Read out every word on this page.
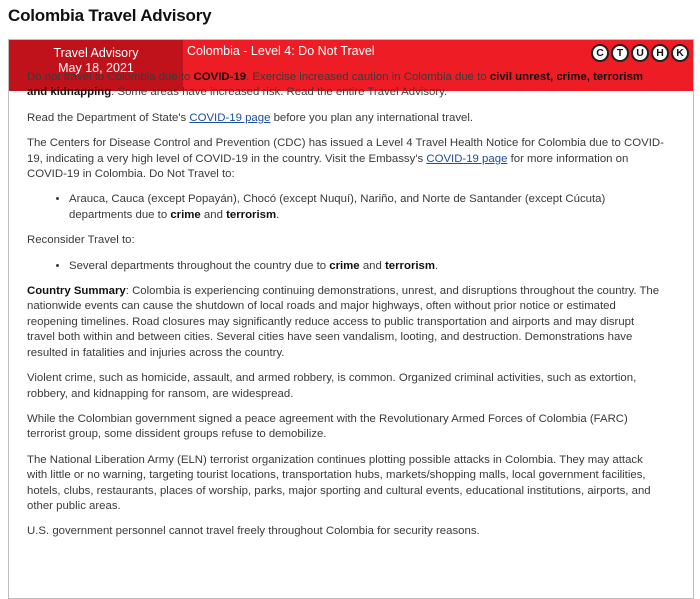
Colombia Travel Advisory
Travel Advisory
May 18, 2021
Colombia - Level 4: Do Not Travel	C	T	U	H	K

Do not travel to Colombia due to COVID-19. Exercise increased caution in Colombia due to civil unrest, crime, terrorism and kidnapping. Some areas have increased risk. Read the entire Travel Advisory.

Read the Department of State's COVID-19 page before you plan any international travel.

The Centers for Disease Control and Prevention (CDC) has issued a Level 4 Travel Health Notice for Colombia due to COVID-19, indicating a very high level of COVID-19 in the country. Visit the Embassy's COVID-19 page for more information on COVID-19 in Colombia. Do Not Travel to:

• Arauca, Cauca (except Popayán), Chocó (except Nuquí), Nariño, and Norte de Santander (except Cúcuta) departments due to crime and terrorism.

Reconsider Travel to:

• Several departments throughout the country due to crime and terrorism.

Country Summary: Colombia is experiencing continuing demonstrations, unrest, and disruptions throughout the country. The nationwide events can cause the shutdown of local roads and major highways, often without prior notice or estimated reopening timelines. Road closures may significantly reduce access to public transportation and airports and may disrupt travel both within and between cities. Several cities have seen vandalism, looting, and destruction. Demonstrations have resulted in fatalities and injuries across the country.

Violent crime, such as homicide, assault, and armed robbery, is common. Organized criminal activities, such as extortion, robbery, and kidnapping for ransom, are widespread.

While the Colombian government signed a peace agreement with the Revolutionary Armed Forces of Colombia (FARC) terrorist group, some dissident groups refuse to demobilize.

The National Liberation Army (ELN) terrorist organization continues plotting possible attacks in Colombia. They may attack with little or no warning, targeting tourist locations, transportation hubs, markets/shopping malls, local government facilities, hotels, clubs, restaurants, places of worship, parks, major sporting and cultural events, educational institutions, airports, and other public areas.

U.S. government personnel cannot travel freely throughout Colombia for security reasons.
